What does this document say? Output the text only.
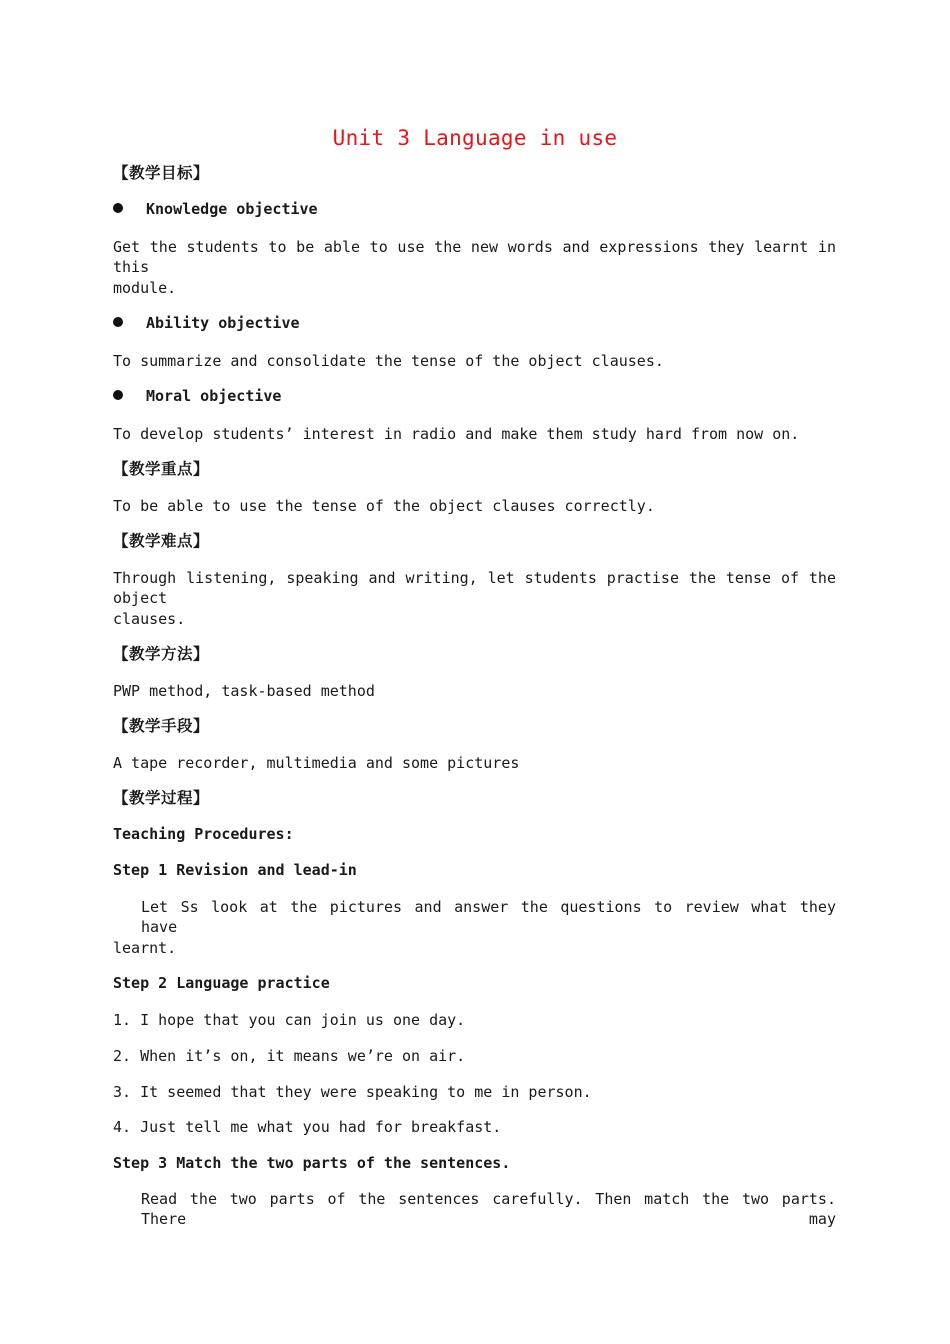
Unit 3 Language in use
【教学目标】
Knowledge objective
Get the students to be able to use the new words and expressions they learnt in this
module.
Ability objective
To summarize and consolidate the tense of the object clauses.
Moral objective
To develop students’ interest in radio and make them study hard from now on.
【教学重点】
To be able to use the tense of the object clauses correctly.
【教学难点】
Through listening, speaking and writing, let students practise the tense of the object
clauses.
【教学方法】
PWP method, task-based method
【教学手段】
A tape recorder, multimedia and some pictures
【教学过程】
Teaching Procedures:
Step 1 Revision and lead-in
Let Ss look at the pictures and answer the questions to review what they have
learnt.
Step 2 Language practice
1. I hope that you can join us one day.
2. When it’s on, it means we’re on air.
3. It seemed that they were speaking to me in person.
4. Just tell me what you had for breakfast.
Step 3 Match the two parts of the sentences.
Read the two parts of the sentences carefully. Then match the two parts. There may
